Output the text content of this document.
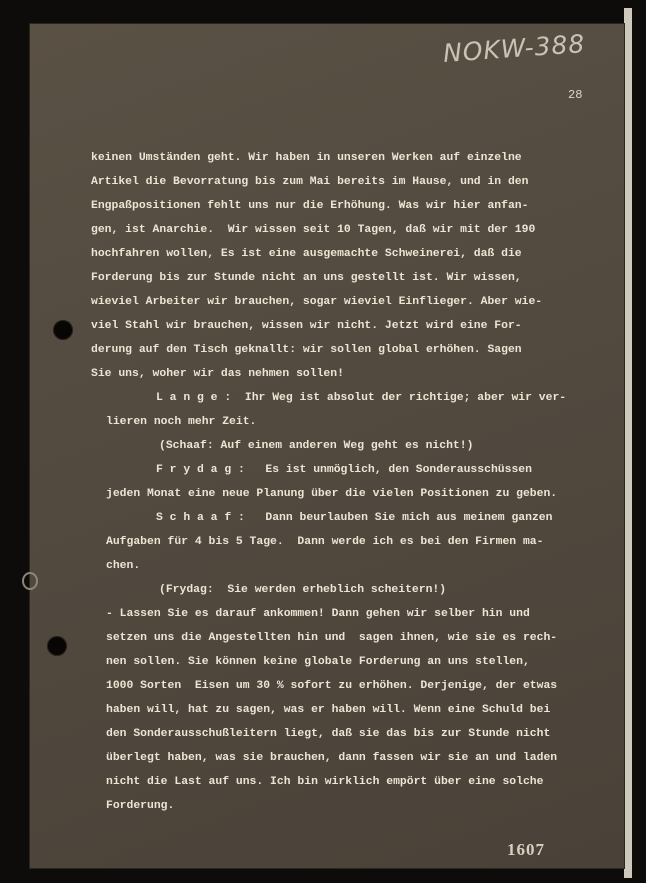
NOKW-388
28
keinen Umständen geht. Wir haben in unseren Werken auf einzelne
Artikel die Bevorratung bis zum Mai bereits im Hause, und in den
Engpaßpositionen fehlt uns nur die Erhöhung. Was wir hier anfan-
gen, ist Anarchie.  Wir wissen seit 10 Tagen, daß wir mit der 190
hochfahren wollen, Es ist eine ausgemachte Schweinerei, daß die
Forderung bis zur Stunde nicht an uns gestellt ist. Wir wissen,
wieviel Arbeiter wir brauchen, sogar wieviel Einflieger. Aber wie-
viel Stahl wir brauchen, wissen wir nicht. Jetzt wird eine For-
derung auf den Tisch geknallt: wir sollen global erhöhen. Sagen
Sie uns, woher wir das nehmen sollen!
L a n g e :  Ihr Weg ist absolut der richtige; aber wir ver-
lieren noch mehr Zeit.
(Schaaf: Auf einem anderen Weg geht es nicht!)
F r y d a g :   Es ist unmöglich, den Sonderausschüssen
jeden Monat eine neue Planung über die vielen Positionen zu geben.
S c h a a f :   Dann beurlauben Sie mich aus meinem ganzen
Aufgaben für 4 bis 5 Tage.  Dann werde ich es bei den Firmen ma-
chen.
(Frydag:  Sie werden erheblich scheitern!)
- Lassen Sie es darauf ankommen! Dann gehen wir selber hin und
setzen uns die Angestellten hin und  sagen ihnen, wie sie es rech-
nen sollen. Sie können keine globale Forderung an uns stellen,
1000 Sorten  Eisen um 30 % sofort zu erhöhen. Derjenige, der etwas
haben will, hat zu sagen, was er haben will. Wenn eine Schuld bei
den Sonderausschußleitern liegt, daß sie das bis zur Stunde nicht
überlegt haben, was sie brauchen, dann fassen wir sie an und laden
nicht die Last auf uns. Ich bin wirklich empört über eine solche
Forderung.
1607
